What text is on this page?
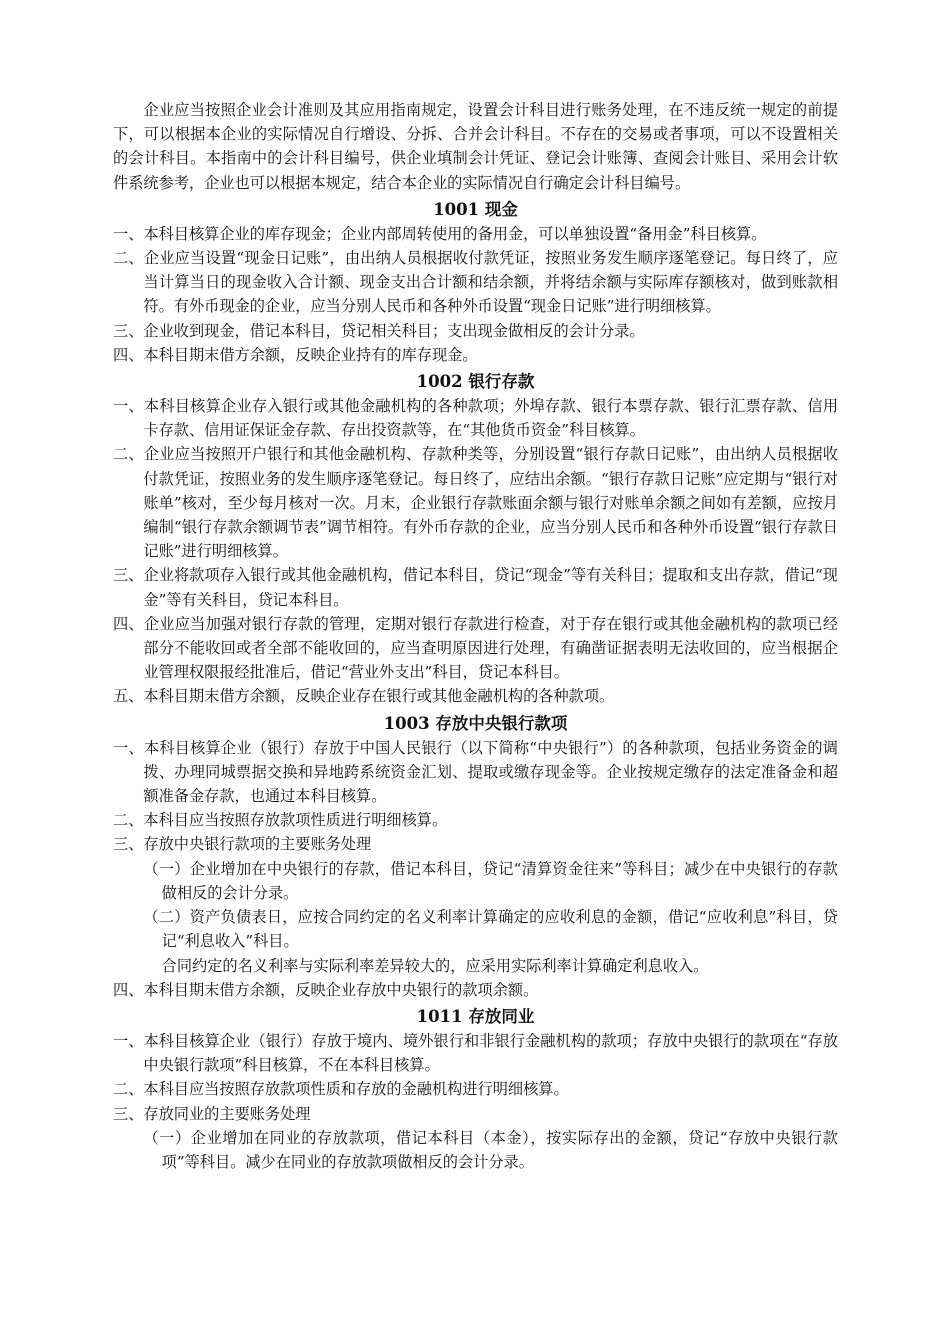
企业应当按照企业会计准则及其应用指南规定，设置会计科目进行账务处理，在不违反统一规定的前提下，可以根据本企业的实际情况自行增设、分拆、合并会计科目。不存在的交易或者事项，可以不设置相关的会计科目。本指南中的会计科目编号，供企业填制会计凭证、登记会计账簿、查阅会计账目、采用会计软件系统参考，企业也可以根据本规定，结合本企业的实际情况自行确定会计科目编号。

1001 现金

一、本科目核算企业的库存现金；企业内部周转使用的备用金，可以单独设置“备用金”科目核算。

二、企业应当设置“现金日记账”，由出纳人员根据收付款凭证，按照业务发生顺序逐笔登记。每日终了，应当计算当日的现金收入合计额、现金支出合计额和结余额，并将结余额与实际库存额核对，做到账款相符。有外币现金的企业，应当分别人民币和各种外币设置“现金日记账”进行明细核算。

三、企业收到现金，借记本科目，贷记相关科目；支出现金做相反的会计分录。

四、本科目期末借方余额，反映企业持有的库存现金。

1002 银行存款

一、本科目核算企业存入银行或其他金融机构的各种款项；外埠存款、银行本票存款、银行汇票存款、信用卡存款、信用证保证金存款、存出投资款等，在“其他货币资金”科目核算。

二、企业应当按照开户银行和其他金融机构、存款种类等，分别设置“银行存款日记账”，由出纳人员根据收付款凭证，按照业务的发生顺序逐笔登记。每日终了，应结出余额。“银行存款日记账”应定期与“银行对账单”核对，至少每月核对一次。月末，企业银行存款账面余额与银行对账单余额之间如有差额，应按月编制“银行存款余额调节表”调节相符。有外币存款的企业，应当分别人民币和各种外币设置“银行存款日记账”进行明细核算。

三、企业将款项存入银行或其他金融机构，借记本科目，贷记“现金”等有关科目；提取和支出存款，借记“现金”等有关科目，贷记本科目。

四、企业应当加强对银行存款的管理，定期对银行存款进行检查，对于存在银行或其他金融机构的款项已经部分不能收回或者全部不能收回的，应当查明原因进行处理，有确凿证据表明无法收回的，应当根据企业管理权限报经批准后，借记“营业外支出”科目，贷记本科目。

五、本科目期末借方余额，反映企业存在银行或其他金融机构的各种款项。

1003 存放中央银行款项

一、本科目核算企业（银行）存放于中国人民银行（以下简称“中央银行”）的各种款项，包括业务资金的调拨、办理同城票据交换和异地跨系统资金汇划、提取或缴存现金等。企业按规定缴存的法定准备金和超额准备金存款，也通过本科目核算。

二、本科目应当按照存放款项性质进行明细核算。

三、存放中央银行款项的主要账务处理

（一）企业增加在中央银行的存款，借记本科目，贷记“清算资金往来”等科目；减少在中央银行的存款做相反的会计分录。

（二）资产负债表日，应按合同约定的名义利率计算确定的应收利息的金额，借记“应收利息”科目，贷记“利息收入”科目。

合同约定的名义利率与实际利率差异较大的，应采用实际利率计算确定利息收入。

四、本科目期末借方余额，反映企业存放中央银行的款项余额。

1011 存放同业

一、本科目核算企业（银行）存放于境内、境外银行和非银行金融机构的款项；存放中央银行的款项在“存放中央银行款项”科目核算，不在本科目核算。

二、本科目应当按照存放款项性质和存放的金融机构进行明细核算。

三、存放同业的主要账务处理

（一）企业增加在同业的存放款项，借记本科目（本金），按实际存出的金额，贷记“存放中央银行款项”等科目。减少在同业的存放款项做相反的会计分录。
